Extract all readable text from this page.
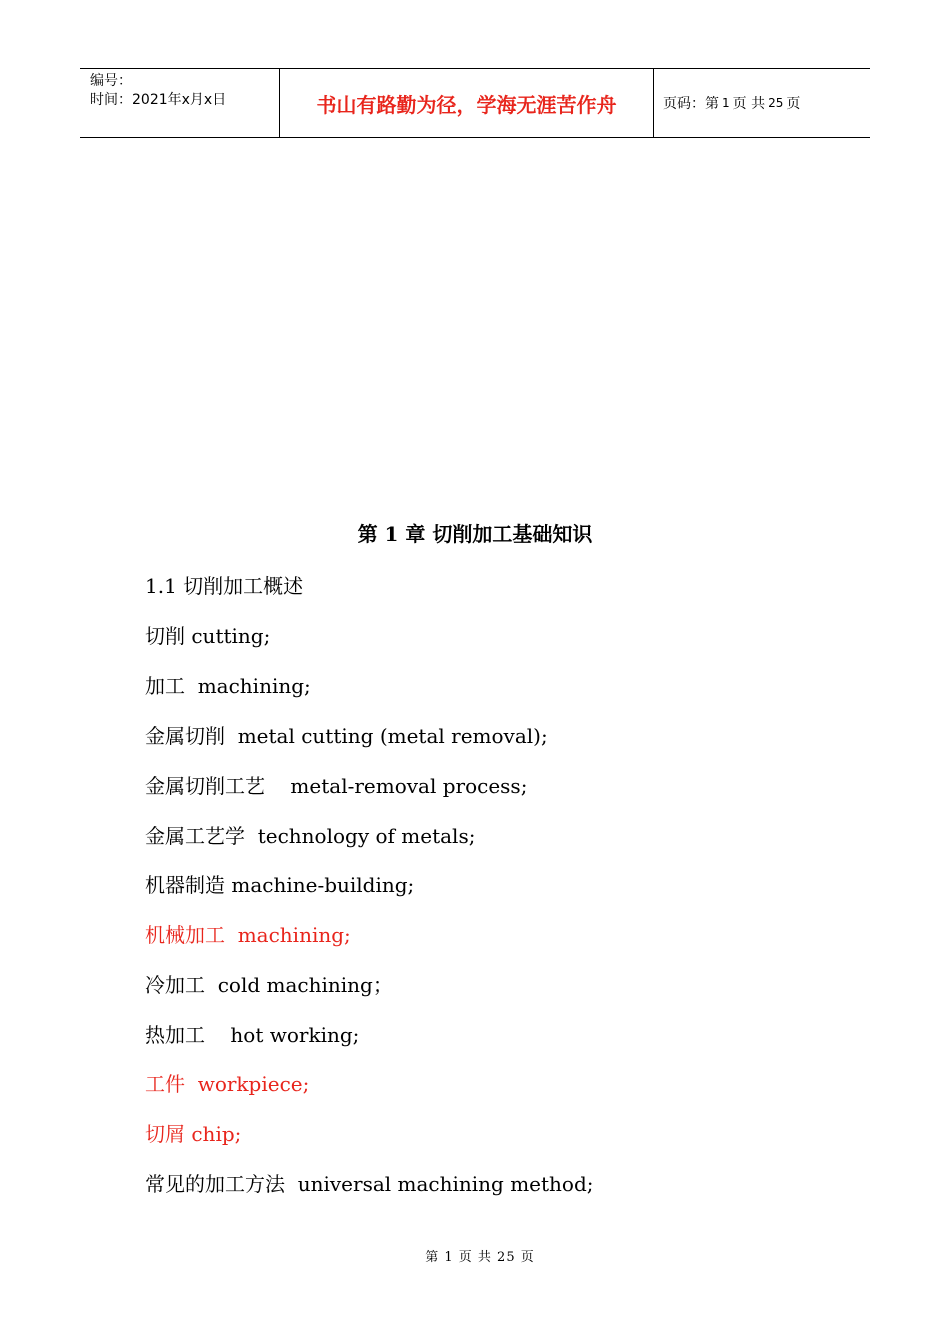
编号：
时间：2021年x月x日	书山有路勤为径，学海无涯苦作舟	页码：第 1 页 共 25 页
第 1 章 切削加工基础知识
1.1 切削加工概述
切削 cutting;
加工  machining;
金属切削  metal cutting (metal removal);
金属切削工艺    metal-removal process;
金属工艺学  technology of metals;
机器制造 machine-building;
机械加工  machining;
冷加工  cold machining；
热加工    hot working;
工件  workpiece;
切屑 chip;
常见的加工方法  universal machining method;
第 1 页 共 25 页
